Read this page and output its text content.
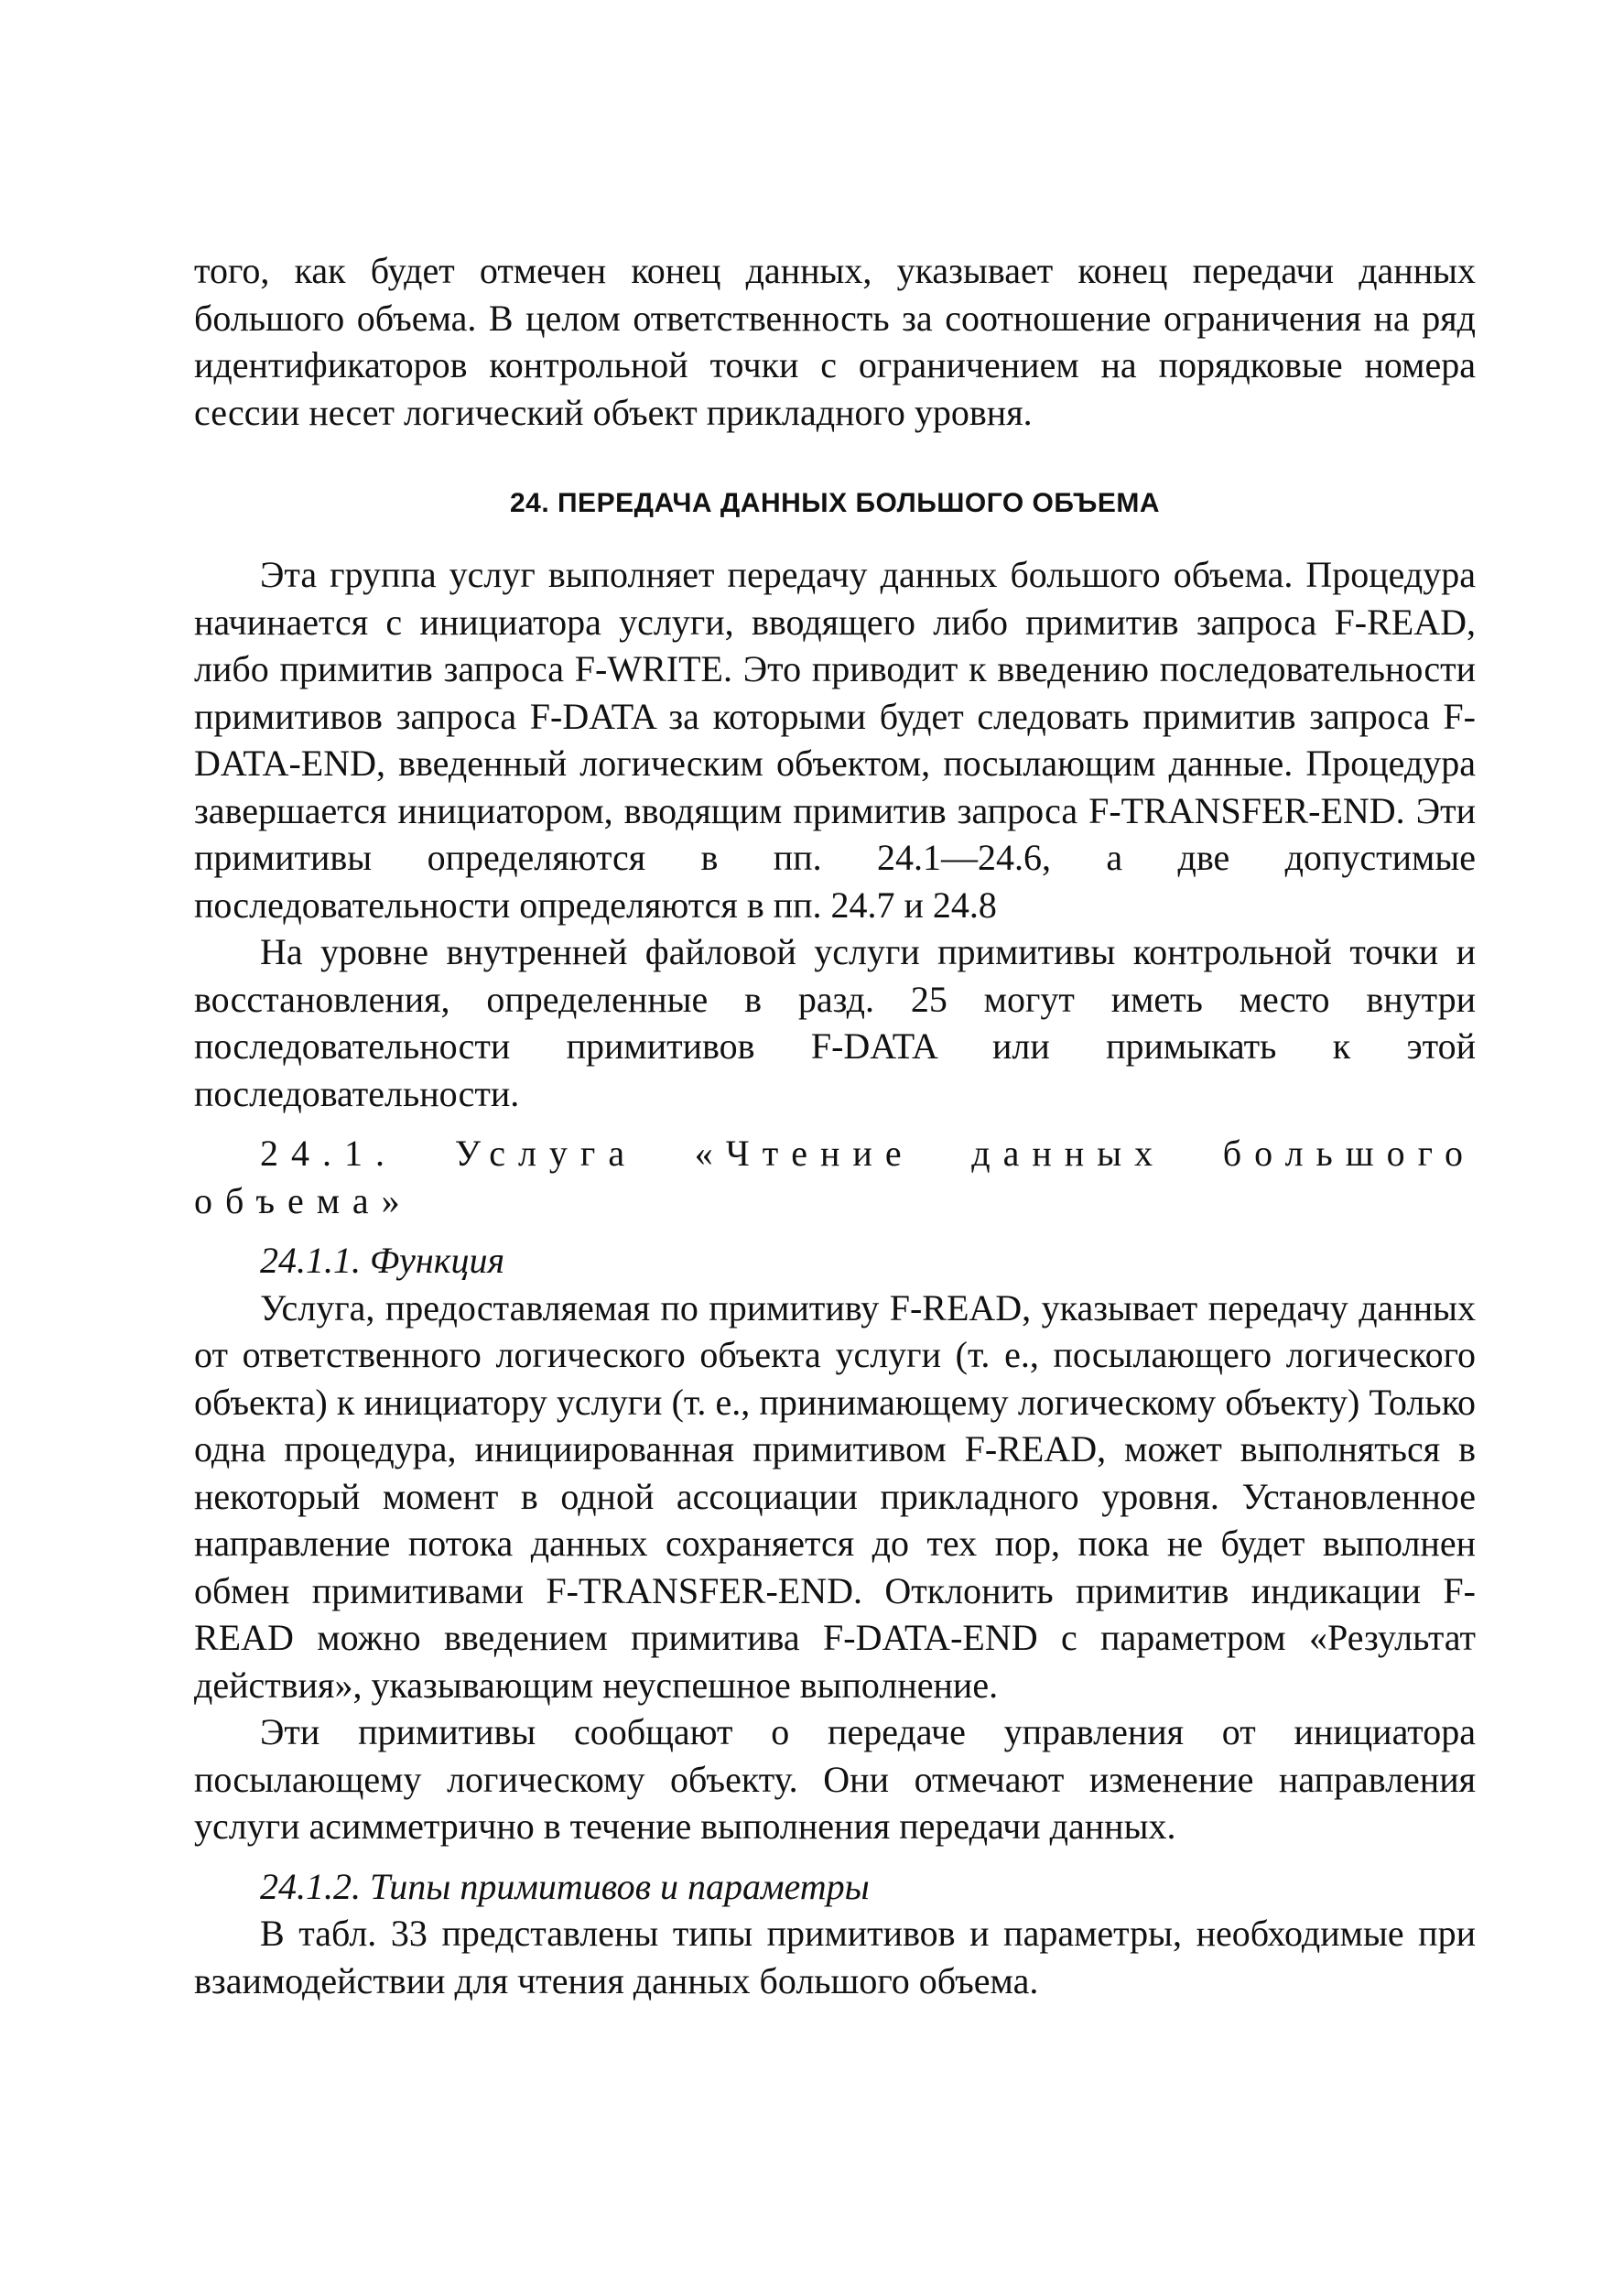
того, как будет отмечен конец данных, указывает конец передачи данных большого объема. В целом ответственность за соотношение ограничения на ряд идентификаторов контрольной точки с ограничением на порядковые номера сессии несет логический объект прикладного уровня.

24. ПЕРЕДАЧА ДАННЫХ БОЛЬШОГО ОБЪЕМА

Эта группа услуг выполняет передачу данных большого объема. Процедура начинается с инициатора услуги, вводящего либо примитив запроса F-READ, либо примитив запроса F-WRITE. Это приводит к введению последовательности примитивов запроса F-DATA за которыми будет следовать примитив запроса F-DATA-END, введенный логическим объектом, посылающим данные. Процедура завершается инициатором, вводящим примитив запроса F-TRANSFER-END. Эти примитивы определяются в пп. 24.1—24.6, а две допустимые последовательности определяются в пп. 24.7 и 24.8

На уровне внутренней файловой услуги примитивы контрольной точки и восстановления, определенные в разд. 25 могут иметь место внутри последовательности примитивов F-DATA или примыкать к этой последовательности.

24.1. Услуга «Чтение данных большого объема»

24.1.1. Функция

Услуга, предоставляемая по примитиву F-READ, указывает передачу данных от ответственного логического объекта услуги (т. е., посылающего логического объекта) к инициатору услуги (т. е., принимающему логическому объекту) Только одна процедура, инициированная примитивом F-READ, может выполняться в некоторый момент в одной ассоциации прикладного уровня. Установленное направление потока данных сохраняется до тех пор, пока не будет выполнен обмен примитивами F-TRANSFER-END. Отклонить примитив индикации F-READ можно введением примитива F-DATA-END с параметром «Результат действия», указывающим неуспешное выполнение.

Эти примитивы сообщают о передаче управления от инициатора посылающему логическому объекту. Они отмечают изменение направления услуги асимметрично в течение выполнения передачи данных.

24.1.2. Типы примитивов и параметры

В табл. 33 представлены типы примитивов и параметры, необходимые при взаимодействии для чтения данных большого объема.
